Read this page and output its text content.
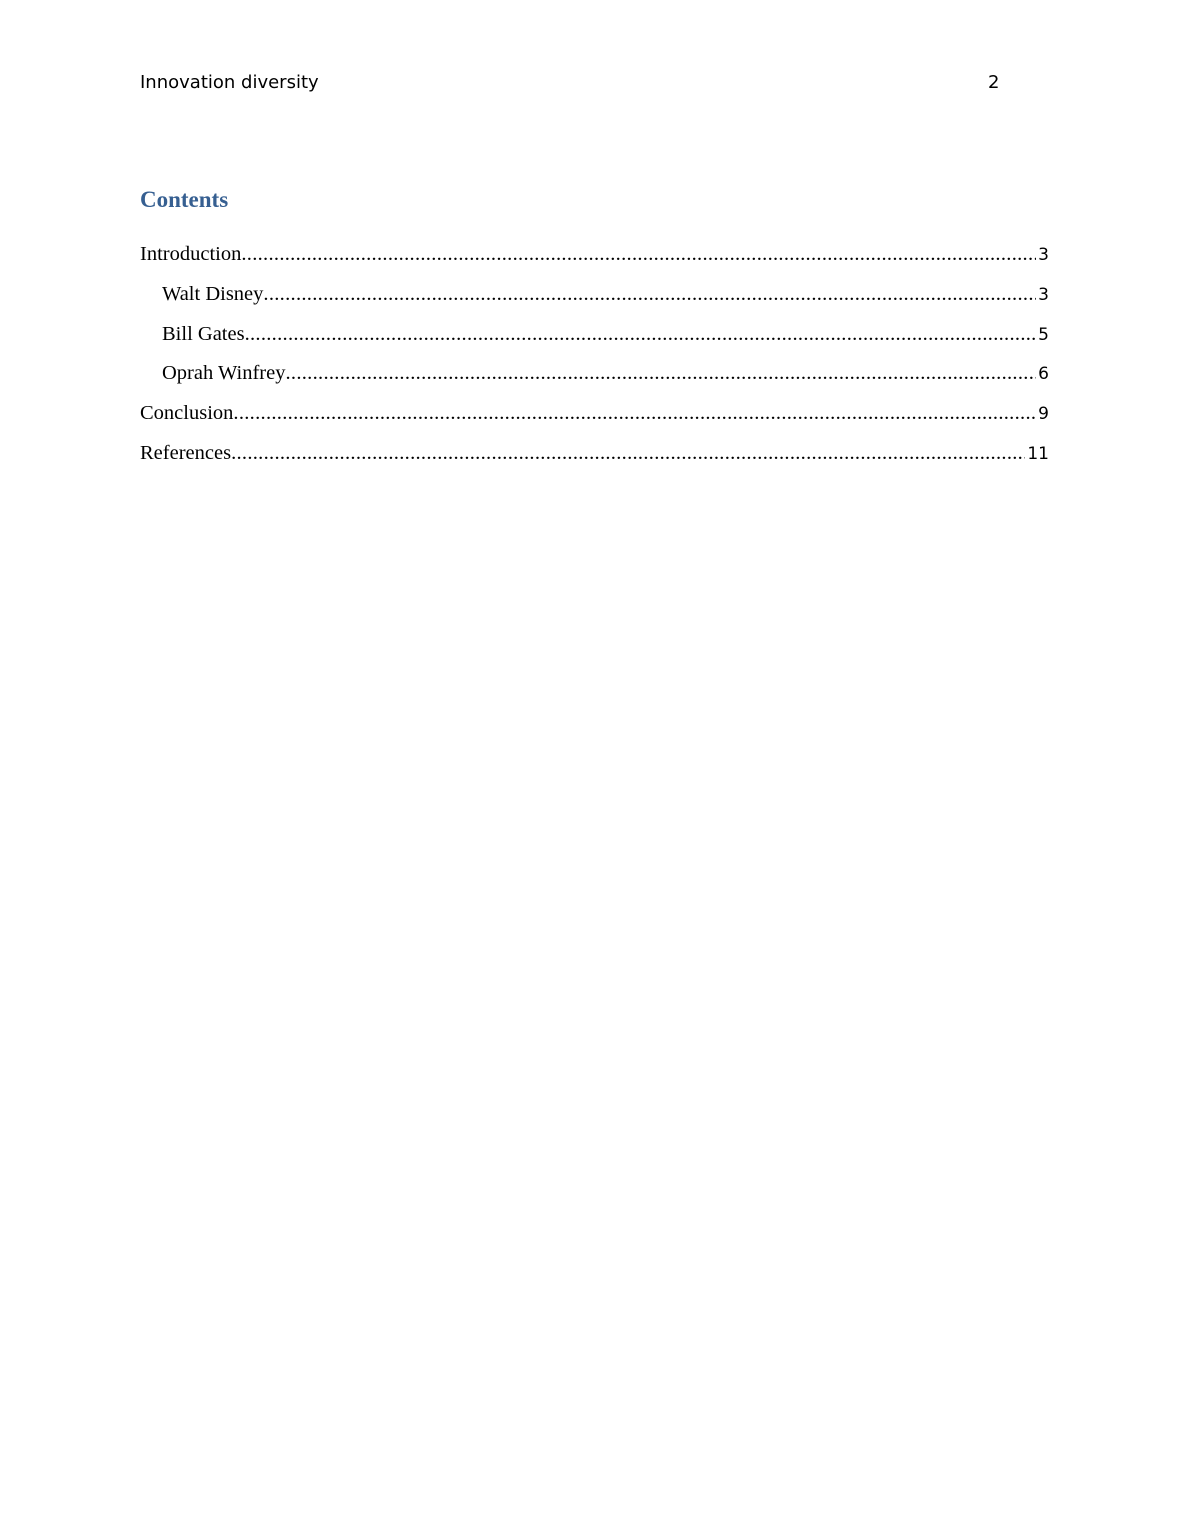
Innovation diversity	2
Contents
Introduction .....	3
Walt Disney .....	3
Bill Gates .....	5
Oprah Winfrey .....	6
Conclusion .....	9
References .....	11
